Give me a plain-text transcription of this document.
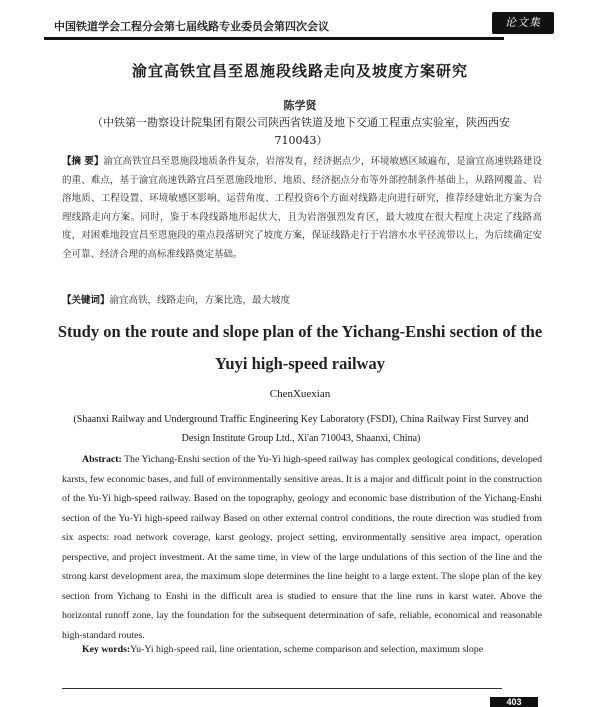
中国铁道学会工程分会第七届线路专业委员会第四次会议	论文集
渝宜高铁宜昌至恩施段线路走向及坡度方案研究
陈学贤
（中铁第一勘察设计院集团有限公司陕西省铁道及地下交通工程重点实验室，陕西西安 710043）
【摘 要】渝宜高铁宜昌至恩施段地质条件复杂，岩溶发育，经济据点少，环境敏感区域遍布，是渝宜高速铁路建设的重、难点，基于渝宜高速铁路宜昌至恩施段地形、地质、经济据点分布等外部控制条件基础上，从路网覆盖、岩溶地质、工程设置、环境敏感区影响、运营角度、工程投资6个方面对线路走向进行研究，推荐经建始北方案为合理线路走向方案。同时，鉴于本段线路地形起伏大，且为岩溶强烈发育区，最大坡度在很大程度上决定了线路高度，对困难地段宜昌至恩施段的重点段落研究了坡度方案，保证线路走行于岩溶水水平径流带以上，为后续确定安全可靠、经济合理的高标准线路奠定基础。
【关键词】渝宜高铁，线路走向，方案比选，最大坡度
Study on the route and slope plan of the Yichang-Enshi section of the Yuyi high-speed railway
ChenXuexian
(Shaanxi Railway and Underground Traffic Engineering Key Laboratory (FSDI), China Railway First Survey and Design Institute Group Ltd., Xi'an 710043, Shaanxi, China)
Abstract: The Yichang-Enshi section of the Yu-Yi high-speed railway has complex geological conditions, developed karsts, few economic bases, and full of environmentally sensitive areas. It is a major and difficult point in the construction of the Yu-Yi high-speed railway. Based on the topography, geology and economic base distribution of the Yichang-Enshi section of the Yu-Yi high-speed railway Based on other external control conditions, the route direction was studied from six aspects: road network coverage, karst geology, project setting, environmentally sensitive area impact, operation perspective, and project investment. At the same time, in view of the large undulations of this section of the line and the strong karst development area, the maximum slope determines the line height to a large extent. The slope plan of the key section from Yichang to Enshi in the difficult area is studied to ensure that the line runs in karst water. Above the horizontal runoff zone, lay the foundation for the subsequent determination of safe, reliable, economical and reasonable high-standard routes.
Key words:Yu-Yi high-speed rail, line orientation, scheme comparison and selection, maximum slope
403
